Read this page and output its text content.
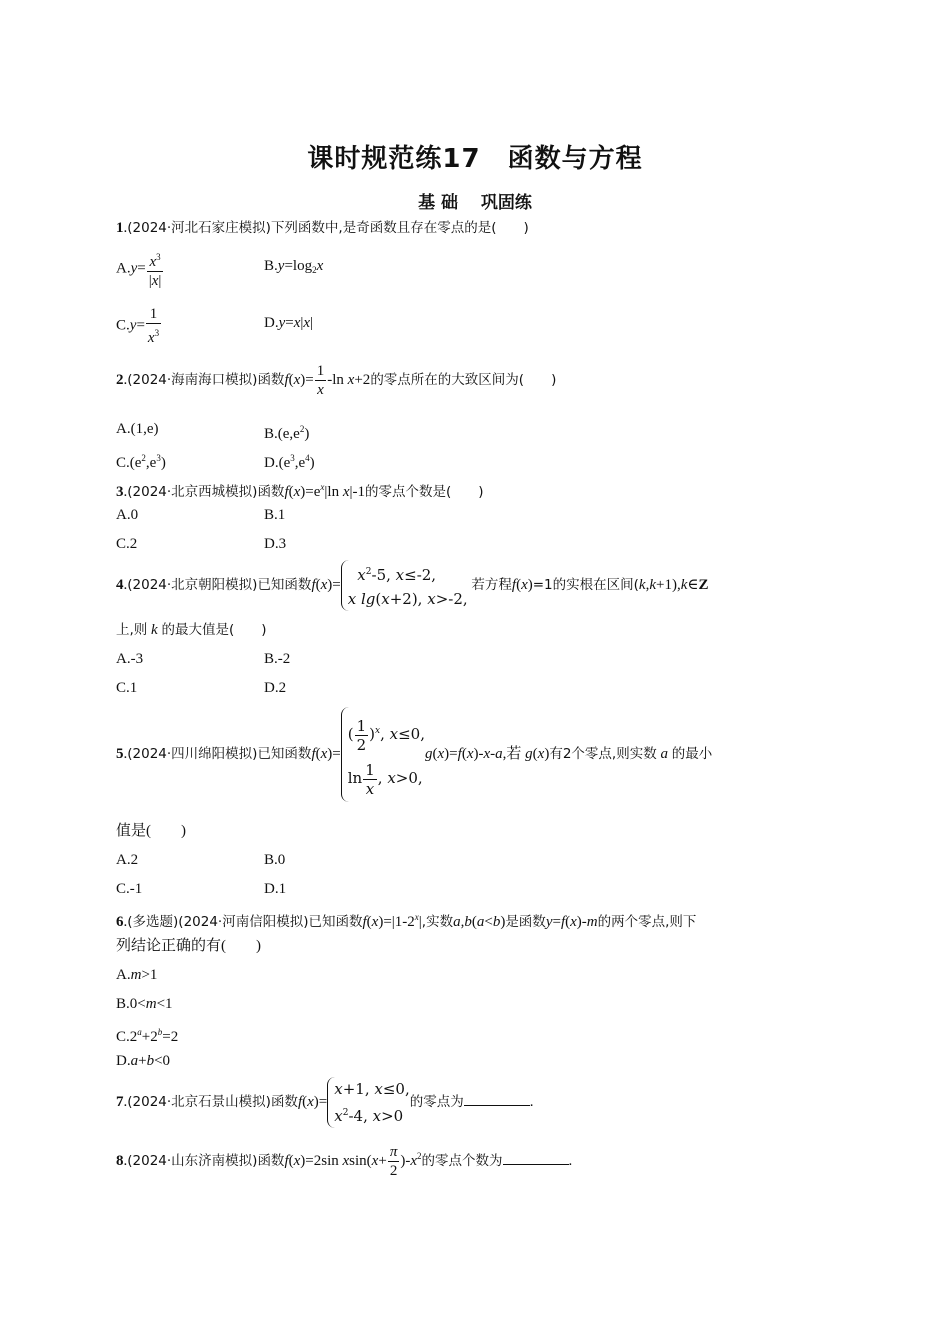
课时规范练17　函数与方程
基 础　 巩固练
1.(2024·河北石家庄模拟)下列函数中,是奇函数且存在零点的是(　　)
$A.y= \frac{x^3}{|x|}$	$B.y=\log_2x$
$C.y= \frac{1}{x^3}$	D.y=x|x|
2.(2024·海南海口模拟)函数$f(x)= \frac{1}{x} -\ln$ x+2的零点所在的大致区间为(　　)
A.(1,e)	$B.(e,e^2)$
$C.(e^2,e^3)$	$D.(e^3,e^4)$
3.(2024·北京西城模拟)函数$f(x)=e^x|\ln$ x|-1的零点个数是(　　)
A.0	B.1
C.2	D.3
4.(2024·北京朝阳模拟)已知函数f(x)=
$x^2-5$, x≤-2,
x lg(x+2), x>-2,
若方程f(x)=1的实根在区间(k,k+1),k∈Z
上,则 k 的最大值是(　　)
A.-3	B.-2
C.1	D.2
5.(2024·四川绵阳模拟)已知函数f(x)=
( $\frac{1}{2} )^x$, x≤0,
$\ln \frac{1}{x}$ , x>0,
g(x)=f(x)-x-a,若 g(x)有2个零点,则实数 a 的最小
值是(　　)
A.2	B.0
C.-1	D.1
6.(多选题)(2024·河南信阳模拟)已知函数$f(x)=|1-2^x|$,实数a,b(a<b)是函数y=f(x)-m的两个零点,则下
列结论正确的有(　　)
A.m>1
B.0<m<1
$C.2^a+2^b=2$
D.a+b<0
7.(2024·北京石景山模拟)函数f(x)=
x+1, x≤0,
$x^2-4$, x>0
的零点为	.
8.(2024·山东济南模拟)函数f(x)=2sin $xsin(x+ \frac{\pi}{2} )-x^2$的零点个数为	.
